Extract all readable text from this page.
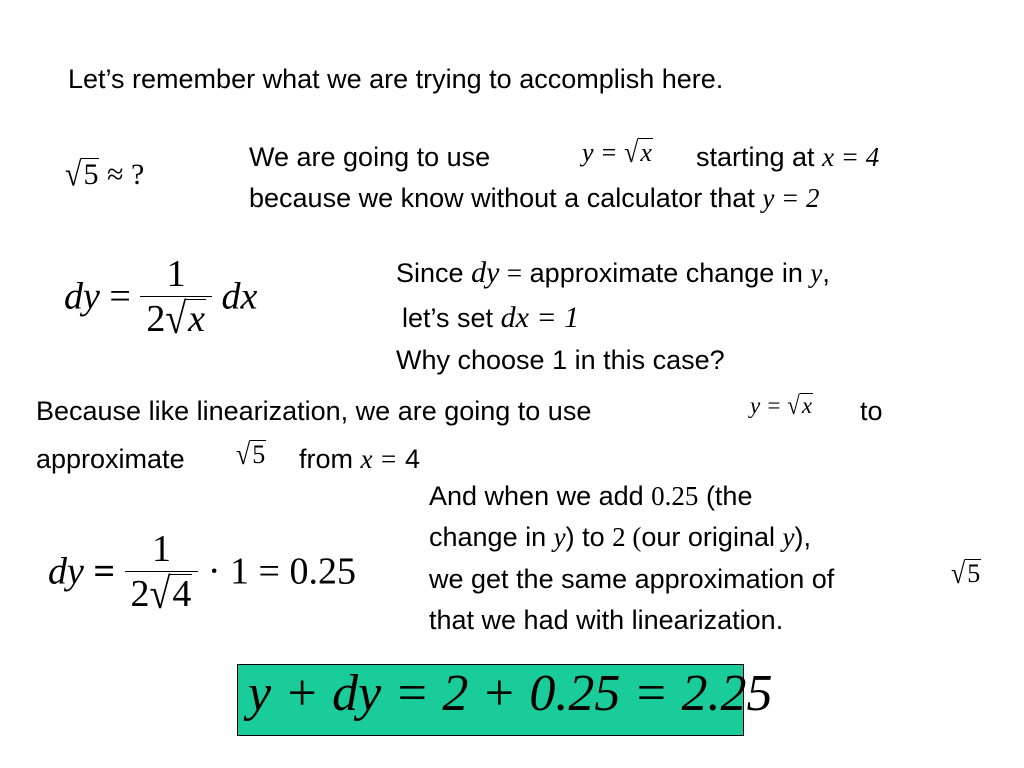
Let’s remember what we are trying to accomplish here.
√5 ≈ ?
We are going to use	y = √x starting at x = 4
because we know without a calculator that y = 2
dy = $\frac{1}{2√x}$ dx
Since dy = approximate change in y,
let’s set dx = 1
Why choose 1 in this case?
Because like linearization, we are going to use	y = √x to
approximate √5 from x = 4
dy = $\frac{1}{2√4} \cdot 1 = 0.25$
And when we add 0.25 (the
change in y) to 2 (our original y),
we get the same approximation of	√5
that we had with linearization.
y + dy = 2 + 0.25 = 2.25
